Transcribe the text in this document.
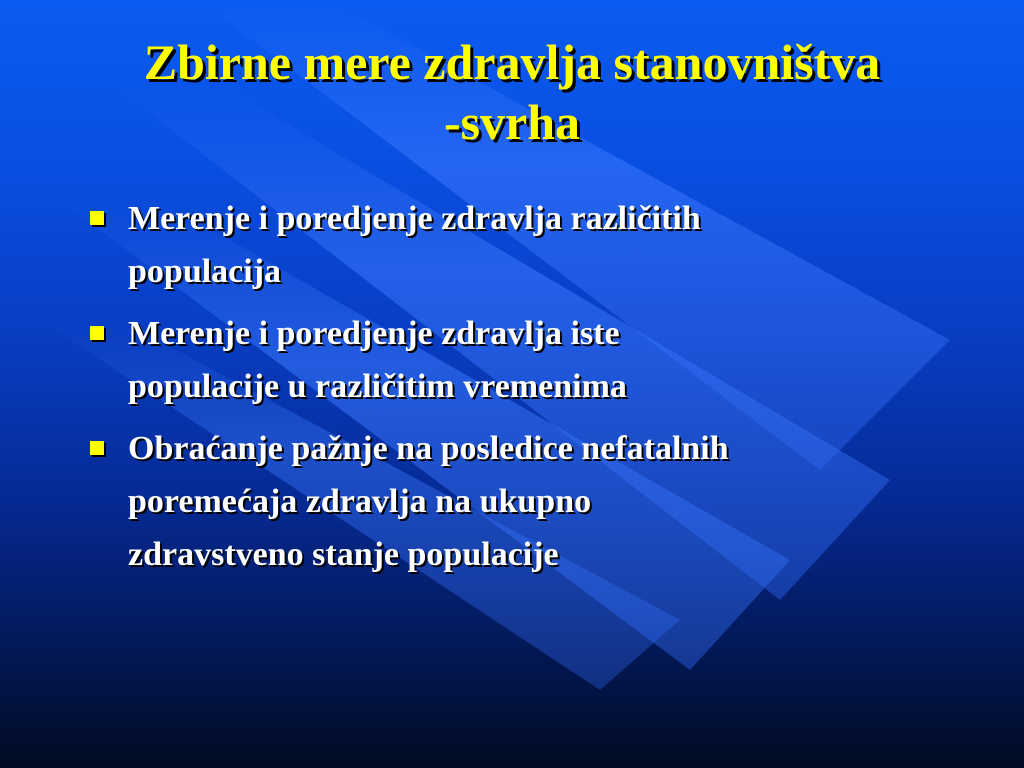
Zbirne mere zdravlja stanovništva
-svrha
Merenje i poredjenje zdravlja različitih
populacija
Merenje i poredjenje zdravlja iste
populacije u različitim vremenima
Obraćanje pažnje na posledice nefatalnih
poremećaja zdravlja na ukupno
zdravstveno stanje populacije
